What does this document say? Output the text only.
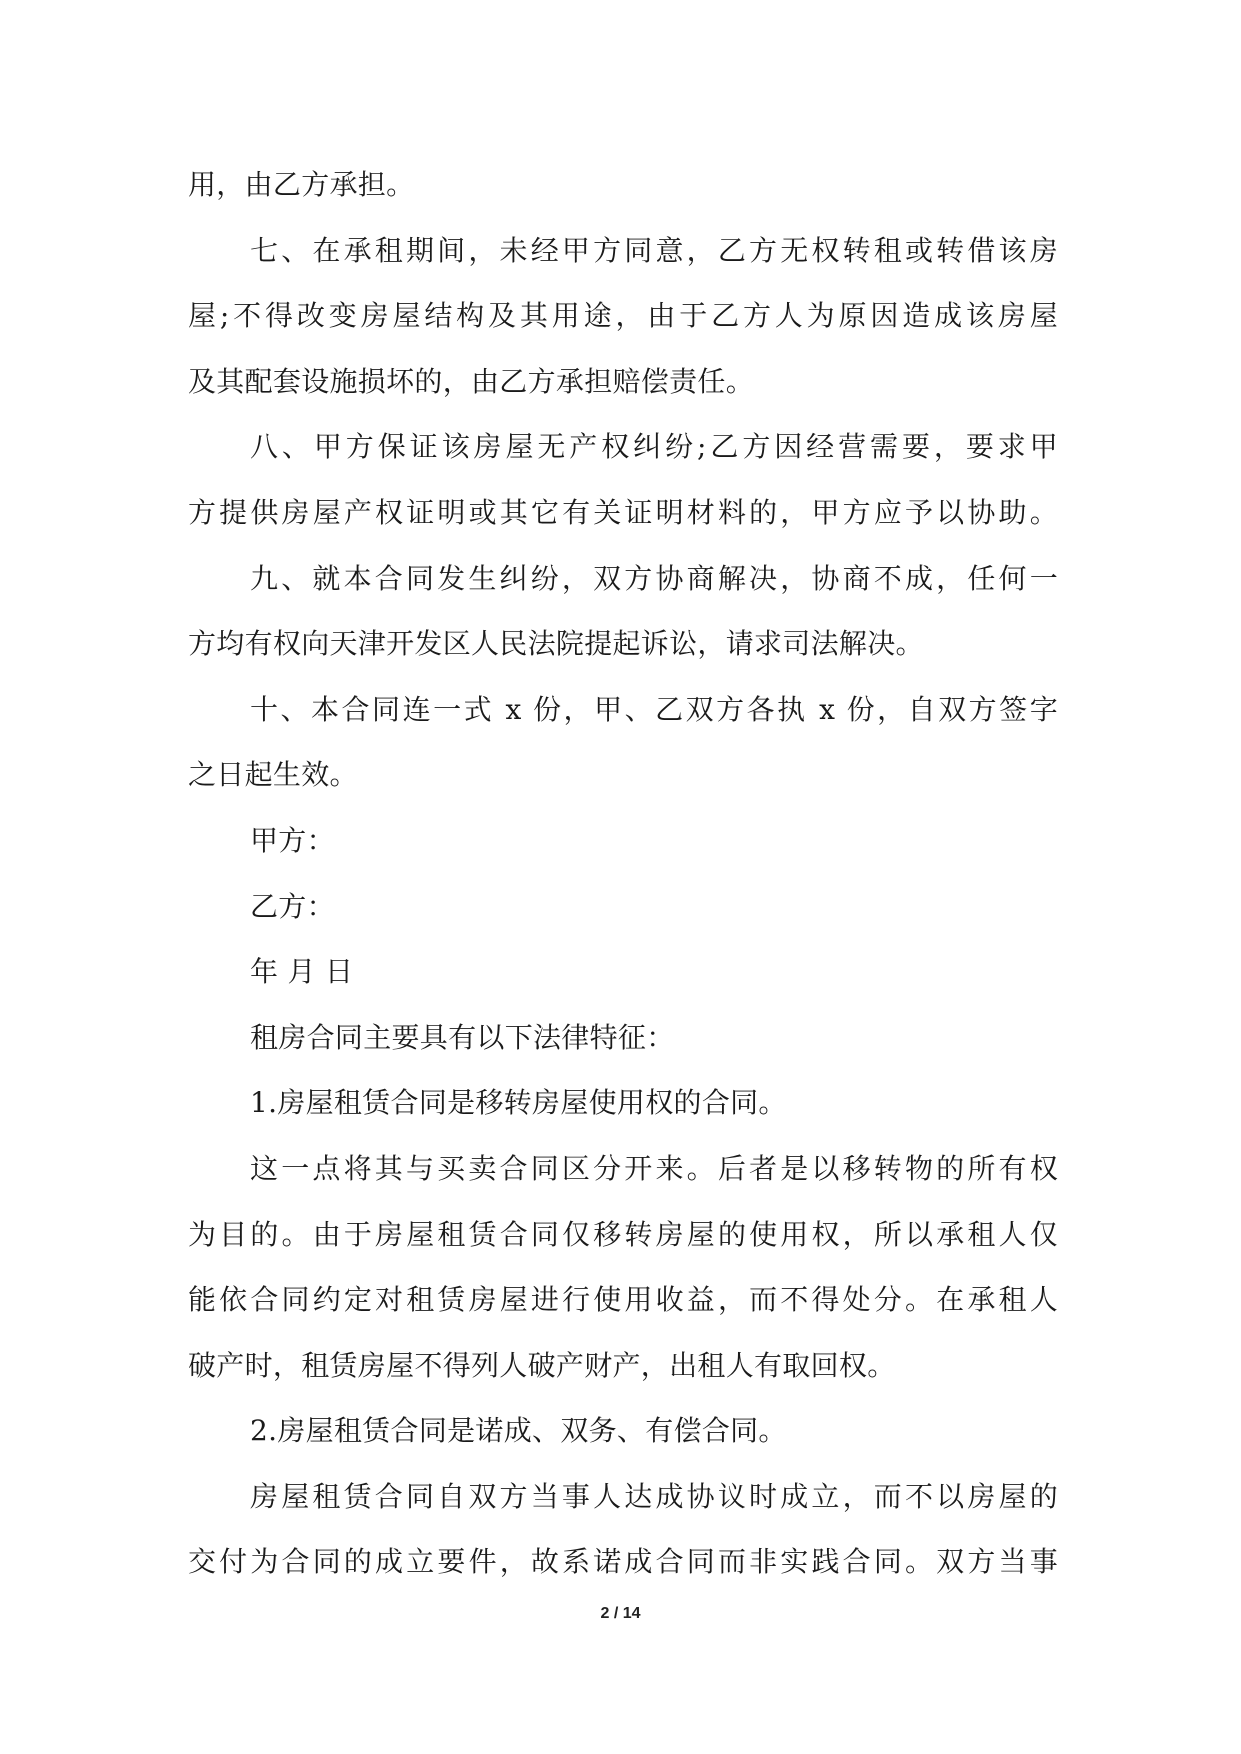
用，由乙方承担。
七、在承租期间，未经甲方同意，乙方无权转租或转借该房
屋;不得改变房屋结构及其用途，由于乙方人为原因造成该房屋
及其配套设施损坏的，由乙方承担赔偿责任。
八、甲方保证该房屋无产权纠纷;乙方因经营需要，要求甲
方提供房屋产权证明或其它有关证明材料的，甲方应予以协助。
九、就本合同发生纠纷，双方协商解决，协商不成，任何一
方均有权向天津开发区人民法院提起诉讼，请求司法解决。
十、本合同连一式 x 份，甲、乙双方各执 x 份，自双方签字
之日起生效。
甲方：
乙方：
年 月 日
租房合同主要具有以下法律特征：
1.房屋租赁合同是移转房屋使用权的合同。
这一点将其与买卖合同区分开来。后者是以移转物的所有权
为目的。由于房屋租赁合同仅移转房屋的使用权，所以承租人仅
能依合同约定对租赁房屋进行使用收益，而不得处分。在承租人
破产时，租赁房屋不得列人破产财产，出租人有取回权。
2.房屋租赁合同是诺成、双务、有偿合同。
房屋租赁合同自双方当事人达成协议时成立，而不以房屋的
交付为合同的成立要件，故系诺成合同而非实践合同。双方当事
2 / 14
